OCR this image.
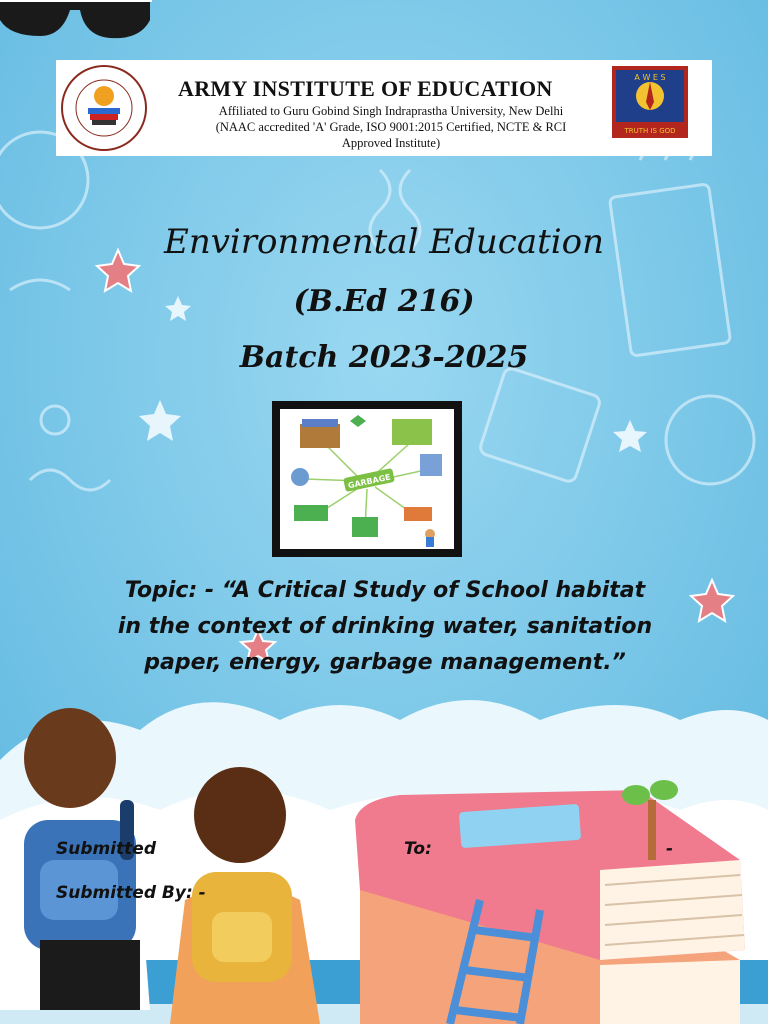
ARMY INSTITUTE OF EDUCATION
Affiliated to Guru Gobind Singh Indraprastha University, New Delhi
(NAAC accredited 'A' Grade, ISO 9001:2015 Certified, NCTE & RCI
Approved Institute)
A W E S
TRUTH IS GOD
Environmental Education
(B.Ed 216)
Batch 2023-2025
GARBAGE
Topic: - “A Critical Study of School habitat
in the context of drinking water, sanitation
paper, energy, garbage management.”
Submitted	To:	-
Submitted By: -
